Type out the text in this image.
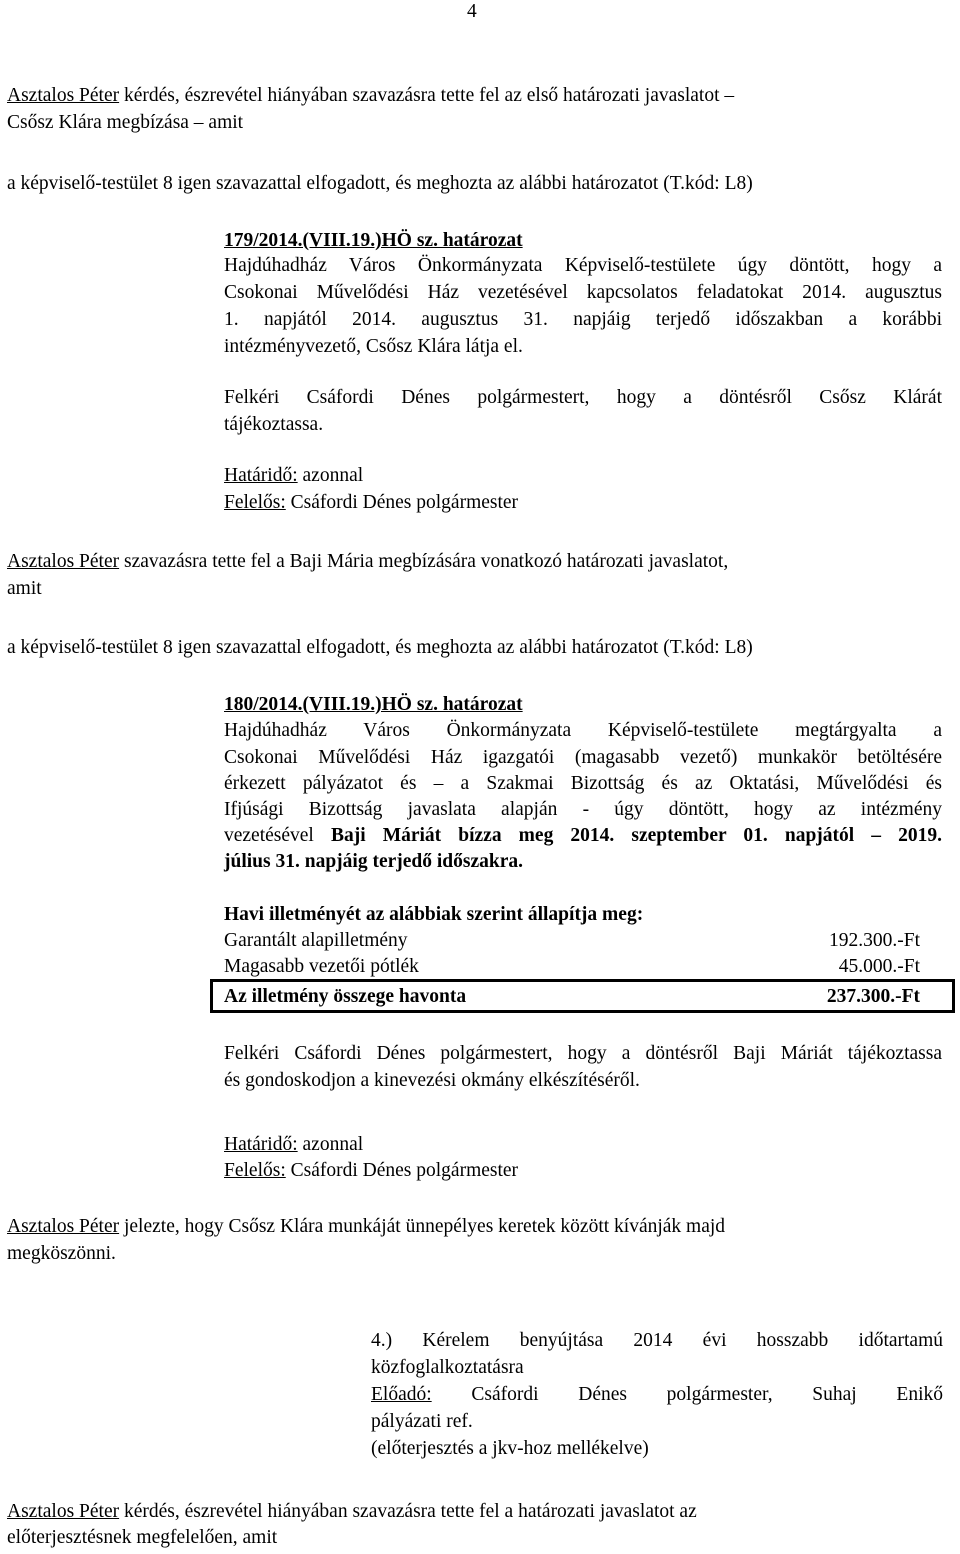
4
Asztalos Péter kérdés, észrevétel hiányában szavazásra tette fel az első határozati javaslatot –
Csősz Klára megbízása – amit
a képviselő-testület 8 igen szavazattal elfogadott, és meghozta az alábbi határozatot (T.kód: L8)
179/2014.(VIII.19.)HÖ sz. határozat
Hajdúhadház Város Önkormányzata Képviselő-testülete úgy döntött, hogy a
Csokonai Művelődési Ház vezetésével kapcsolatos feladatokat 2014. augusztus
1. napjától 2014. augusztus 31. napjáig terjedő időszakban a korábbi
intézményvezető, Csősz Klára látja el.
Felkéri Csáfordi Dénes polgármestert, hogy a döntésről Csősz Klárát
tájékoztassa.
Határidő: azonnal
Felelős: Csáfordi Dénes polgármester
Asztalos Péter szavazásra tette fel a Baji Mária megbízására vonatkozó határozati javaslatot,
amit
a képviselő-testület 8 igen szavazattal elfogadott, és meghozta az alábbi határozatot (T.kód: L8)
180/2014.(VIII.19.)HÖ sz. határozat
Hajdúhadház Város Önkormányzata Képviselő-testülete megtárgyalta a
Csokonai Művelődési Ház igazgatói (magasabb vezető) munkakör betöltésére
érkezett pályázatot és – a Szakmai Bizottság és az Oktatási, Művelődési és
Ifjúsági Bizottság javaslata alapján - úgy döntött, hogy az intézmény
vezetésével Baji Máriát bízza meg 2014. szeptember 01. napjától – 2019.
július 31. napjáig terjedő időszakra.
Havi illetményét az alábbiak szerint állapítja meg:
Garantált alapilletmény	192.300.-Ft
Magasabb vezetői pótlék	45.000.-Ft
Az illetmény összege havonta	237.300.-Ft
Felkéri Csáfordi Dénes polgármestert, hogy a döntésről Baji Máriát tájékoztassa
és gondoskodjon a kinevezési okmány elkészítéséről.
Határidő: azonnal
Felelős: Csáfordi Dénes polgármester
Asztalos Péter jelezte, hogy Csősz Klára munkáját ünnepélyes keretek között kívánják majd
megköszönni.
4.) Kérelem benyújtása 2014 évi hosszabb időtartamú
közfoglalkoztatásra
Előadó: Csáfordi Dénes polgármester, Suhaj Enikő
pályázati ref.
(előterjesztés a jkv-hoz mellékelve)
Asztalos Péter kérdés, észrevétel hiányában szavazásra tette fel a határozati javaslatot az
előterjesztésnek megfelelően, amit
